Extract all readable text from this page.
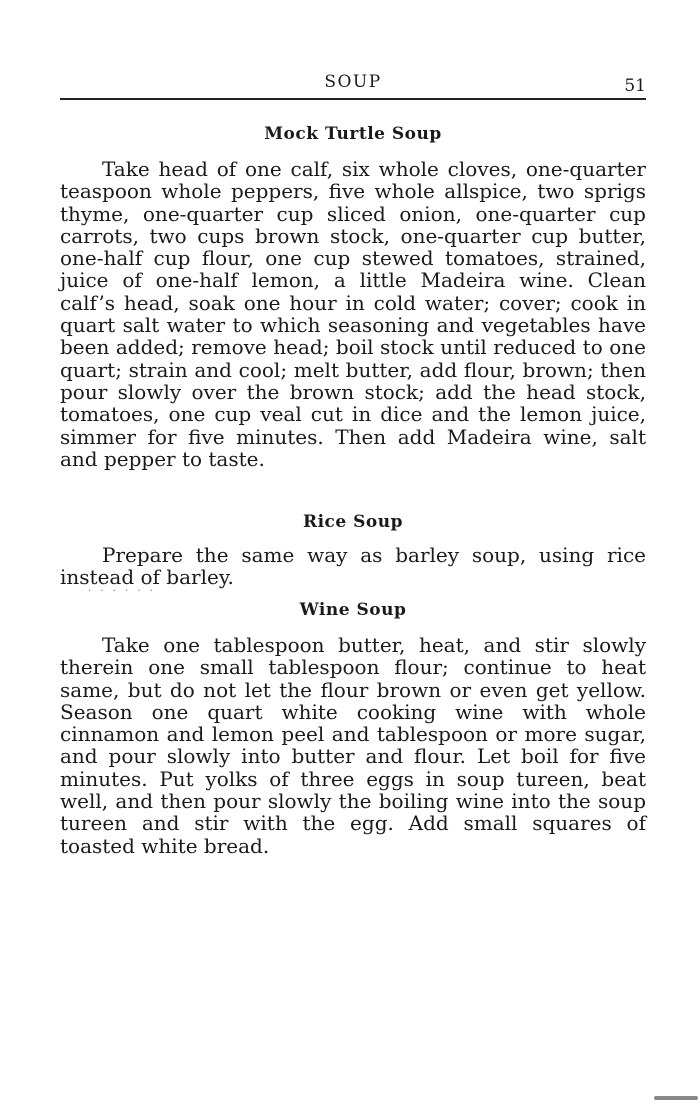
SOUP	51
Mock Turtle Soup

Take head of one calf, six whole cloves, one-quarter teaspoon whole peppers, five whole allspice, two sprigs thyme, one-quarter cup sliced onion, one-quarter cup carrots, two cups brown stock, one-quarter cup butter, one-half cup flour, one cup stewed tomatoes, strained, juice of one-half lemon, a little Madeira wine. Clean calf’s head, soak one hour in cold water; cover; cook in quart salt water to which seasoning and vegetables have been added; remove head; boil stock until reduced to one quart; strain and cool; melt butter, add flour, brown; then pour slowly over the brown stock; add the head stock, tomatoes, one cup veal cut in dice and the lemon juice, simmer for five minutes. Then add Madeira wine, salt and pepper to taste.

Rice Soup

Prepare the same way as barley soup, using rice instead of barley.

· · · · · ·
Wine Soup

Take one tablespoon butter, heat, and stir slowly therein one small tablespoon flour; continue to heat same, but do not let the flour brown or even get yellow. Season one quart white cooking wine with whole cinnamon and lemon peel and tablespoon or more sugar, and pour slowly into butter and flour. Let boil for five minutes. Put yolks of three eggs in soup tureen, beat well, and then pour slowly the boiling wine into the soup tureen and stir with the egg. Add small squares of toasted white bread.
